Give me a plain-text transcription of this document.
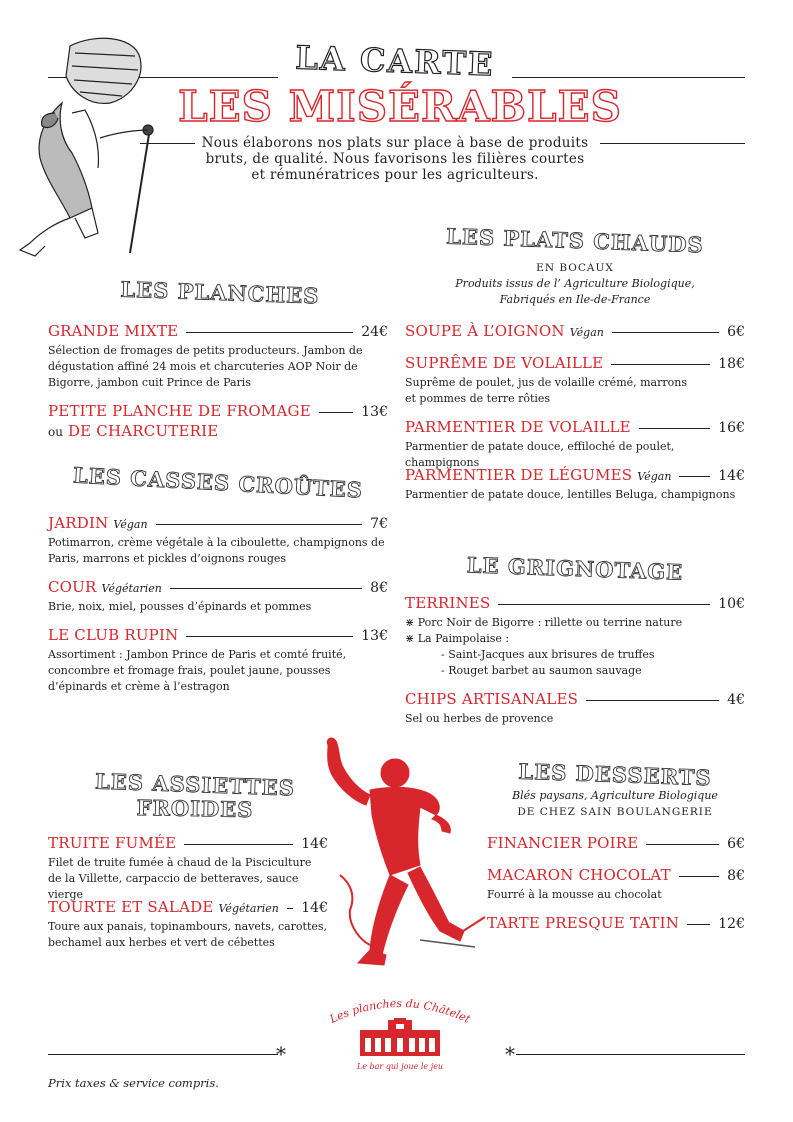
LA CARTE
LES MISÉRABLES
Nous élaborons nos plats sur place à base de produits bruts, de qualité. Nous favorisons les filières courtes et rémunératrices pour les agriculteurs.
LES PLANCHES
GRANDE MIXTE	24€
Sélection de fromages de petits producteurs. Jambon de dégustation affiné 24 mois et charcuteries AOP Noir de Bigorre, jambon cuit Prince de Paris
PETITE PLANCHE DE FROMAGE	13€
ou DE CHARCUTERIE
LES CASSES CROÛTES
JARDIN Végan	7€
Potimarron, crème végétale à la ciboulette, champignons de Paris, marrons et pickles d’oignons rouges
COUR Végétarien	8€
Brie, noix, miel, pousses d’épinards et pommes
LE CLUB RUPIN	13€
Assortiment : Jambon Prince de Paris et comté fruité, concombre et fromage frais, poulet jaune, pousses d’épinards et crème à l’estragon
LES ASSIETTES
FROIDES
TRUITE FUMÉE	14€
Filet de truite fumée à chaud de la Pisciculture de la Villette, carpaccio de betteraves, sauce vierge
TOURTE ET SALADE Végétarien 14€
Toure aux panais, topinambours, navets, carottes, bechamel aux herbes et vert de cébettes
LES PLATS CHAUDS
EN BOCAUX
Produits issus de l’ Agriculture Biologique,
Fabriqués en Ile-de-France
SOUPE À L’OIGNON Végan	6€
SUPRÊME DE VOLAILLE	18€
Suprême de poulet, jus de volaille crémé, marrons
et pommes de terre rôties
PARMENTIER DE VOLAILLE	16€
Parmentier de patate douce, effiloché de poulet, champignons
PARMENTIER DE LÉGUMES Végan	14€
Parmentier de patate douce, lentilles Beluga, champignons
LE GRIGNOTAGE
TERRINES	10€
⋇ Porc Noir de Bigorre : rillette ou terrine nature
⋇ La Paimpolaise :
- Saint-Jacques aux brisures de truffes
- Rouget barbet au saumon sauvage
CHIPS ARTISANALES	4€
Sel ou herbes de provence
LES DESSERTS
Blés paysans, Agriculture Biologique
DE CHEZ SAIN BOULANGERIE
FINANCIER POIRE	6€
MACARON CHOCOLAT	8€
Fourré à la mousse au chocolat
TARTE PRESQUE TATIN	12€
Les planches du Châtelet
Le bar qui joue le jeu
*	*
Prix taxes & service compris.
